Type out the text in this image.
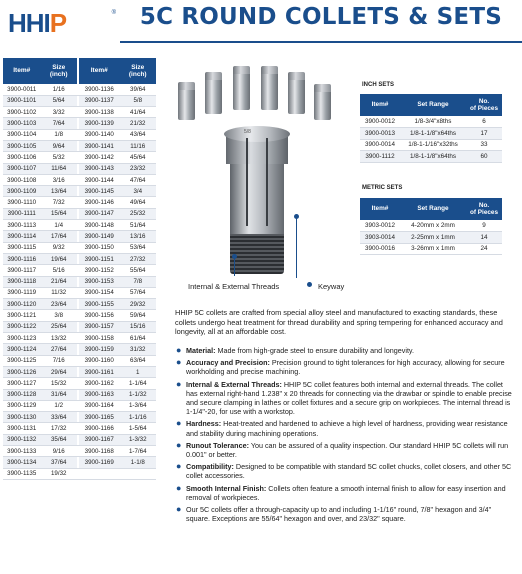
HHIP	® 5C ROUND COLLETS & SETS
Item#	Size
(inch)		Item#	Size
(inch)
3900-0011	1/16		3900-1136	39/64
3900-1101	5/64		3900-1137	5/8
3900-1102	3/32		3900-1138	41/64
3900-1103	7/64		3900-1139	21/32
3900-1104	1/8		3900-1140	43/64
3900-1105	9/64		3900-1141	11/16
3900-1106	5/32		3900-1142	45/64
3900-1107	11/64		3900-1143	23/32
3900-1108	3/16		3900-1144	47/64
3900-1109	13/64		3900-1145	3/4
3900-1110	7/32		3900-1146	49/64
3900-1111	15/64		3900-1147	25/32
3900-1113	1/4		3900-1148	51/64
3900-1114	17/64		3900-1149	13/16
3900-1115	9/32		3900-1150	53/64
3900-1116	19/64		3900-1151	27/32
3900-1117	5/16		3900-1152	55/64
3900-1118	21/64		3900-1153	7/8
3900-1119	11/32		3900-1154	57/64
3900-1120	23/64		3900-1155	29/32
3900-1121	3/8		3900-1156	59/64
3900-1122	25/64		3900-1157	15/16
3900-1123	13/32		3900-1158	61/64
3900-1124	27/64		3900-1159	31/32
3900-1125	7/16		3900-1160	63/64
3900-1126	29/64		3900-1161	1
3900-1127	15/32		3900-1162	1-1/64
3900-1128	31/64		3900-1163	1-1/32
3900-1129	1/2		3900-1164	1-3/64
3900-1130	33/64		3900-1165	1-1/16
3900-1131	17/32		3900-1166	1-5/64
3900-1132	35/64		3900-1167	1-3/32
3900-1133	9/16		3900-1168	1-7/64
3900-1134	37/64		3900-1169	1-1/8
3900-1135	19/32			
5/8
Internal & External Threads	Keyway
INCH SETS
Item#	Set Range	No.
of Pieces
3900-0012	1/8-3/4"x8ths	6
3900-0013	1/8-1-1/8"x64ths	17
3900-0014	1/8-1-1/16"x32ths	33
3900-1112	1/8-1-1/8"x64ths	60
METRIC SETS
Item#	Set Range	No.
of Pieces
3903-0012	4-20mm x 2mm	9
3903-0014	2-25mm x 1mm	14
3900-0016	3-26mm x 1mm	24

HHIP 5C collets are crafted from special alloy steel and manufactured to exacting standards, these collets undergo heat treatment for thread durability and spring tempering for enhanced accuracy and longevity, all at an affordable cost.

● Material: Made from high-grade steel to ensure durability and longevity.
● Accuracy and Precision: Precision ground to tight tolerances for high accuracy, allowing for secure workholding and precise machining.
● Internal & External Threads: HHIP 5C collet features both internal and external threads. The collet has external right-hand 1.238" x 20 threads for connecting via the drawbar or spindle to enable precise and secure clamping in lathes or collet fixtures and a secure grip on workpieces. The internal thread is 1-1/4"-20, for use with a workstop.
● Hardness: Heat-treated and hardened to achieve a high level of hardness, providing wear resistance and stability during machining operations.
● Runout Tolerance: You can be assured of a quality inspection. Our standard HHIP 5C collets will run 0.001" or better.
● Compatibility: Designed to be compatible with standard 5C collet chucks, collet closers, and other 5C collet accessories.
● Smooth Internal Finish: Collets often feature a smooth internal finish to allow for easy insertion and removal of workpieces.
● Our 5C collets offer a through-capacity up to and including 1-1/16" round, 7/8" hexagon and 3/4" square. Exceptions are 55/64" hexagon and over, and 23/32" square.
